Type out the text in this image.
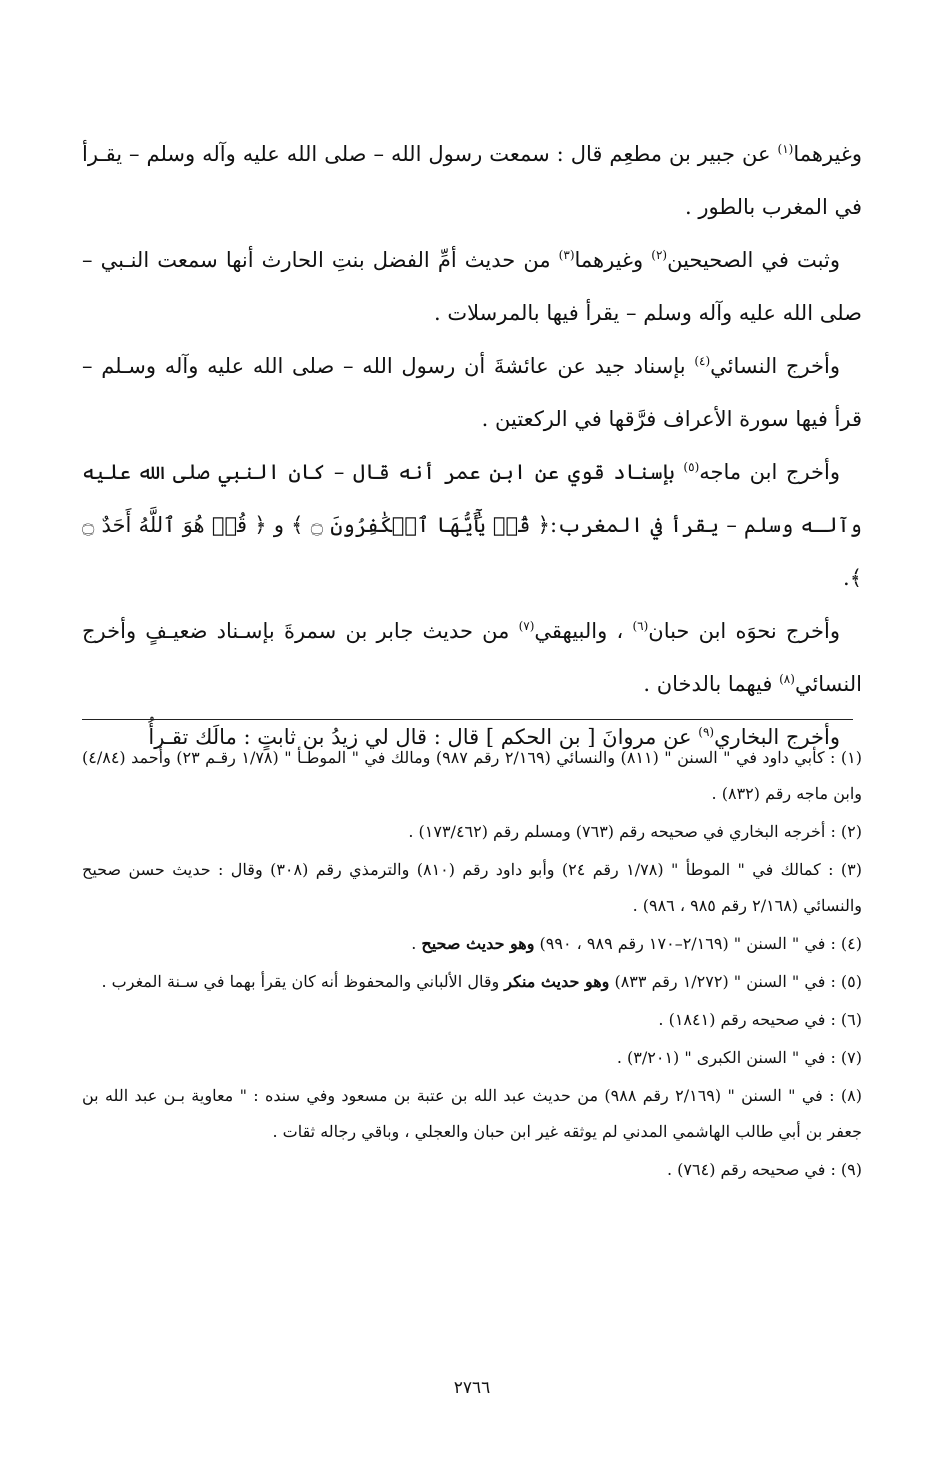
وغيرهما$^{(١)}$ عن جبير بن مطعِم قال : سمعت رسول الله – صلى الله عليه وآله وسلم – يقـرأ في المغرب بالطور .

وثبت في الصحيحين$^{(٢)}$ وغيرهما$^{(٣)}$ من حديث أمِّ الفضل بنتِ الحارث أنها سمعت النـبي – صلى الله عليه وآله وسلم – يقرأ فيها بالمرسلات .

وأخرج النسائي$^{(٤)}$ بإسناد جيد عن عائشةَ أن رسول الله – صلى الله عليه وآله وسـلم – قرأ فيها سورة الأعراف فرَّقها في الركعتين .

وأخرج ابن ماجه$^{(٥)}$ بإسناد قوي عن ابن عمر أنه قال – كان النبي صلى الله عليه وآلـه وسلم – يقرأ في المغرب:﴿ قُلۡ يَٰٓأَيُّهَا ٱلۡكَٰفِرُونَ ۝ ﴾ و ﴿ قُلۡ هُوَ ٱللَّهُ أَحَدٌ ۝ ﴾.

وأخرج نحوَه ابن حبان$^{(٦)}$ ، والبيهقي$^{(٧)}$ من حديث جابر بن سمرةَ بإسـناد ضعيـفٍ وأخرج النسائي$^{(٨)}$ فيهما بالدخان .

وأخرج البخاري$^{(٩)}$ عن مروانَ [ بن الحكم ] قال : قال لي زيدُ بن ثابتٍ : مالَك تقـرأُ

(١) : كأبي داود في " السنن " (٨١١) والنسائي (٢/١٦٩ رقم ٩٨٧) ومالك في " الموطـأ " (١/٧٨ رقـم ٢٣) وأحمد (٤/٨٤) وابن ماجه رقم (٨٣٢) .

(٢) : أخرجه البخاري في صحيحه رقم (٧٦٣) ومسلم رقم (١٧٣/٤٦٢) .

(٣) : كمالك في " الموطأ " (١/٧٨ رقم ٢٤) وأبو داود رقم (٨١٠) والترمذي رقم (٣٠٨) وقال : حديث حسن صحيح والنسائي (٢/١٦٨ رقم ٩٨٥ ، ٩٨٦) .

(٤) : في " السنن " (٢/١٦٩–١٧٠ رقم ٩٨٩ ، ٩٩٠) وهو حديث صحيح .

(٥) : في " السنن " (١/٢٧٢ رقم ٨٣٣) وهو حديث منكر وقال الألباني والمحفوظ أنه كان يقرأ بهما في سـنة المغرب .

(٦) : في صحيحه رقم (١٨٤١) .

(٧) : في " السنن الكبرى " (٣/٢٠١) .

(٨) : في " السنن " (٢/١٦٩ رقم ٩٨٨) من حديث عبد الله بن عتبة بن مسعود وفي سنده : " معاوية بـن عبد الله بن جعفر بن أبي طالب الهاشمي المدني لم يوثقه غير ابن حبان والعجلي ، وباقي رجاله ثقات .

(٩) : في صحيحه رقم (٧٦٤) .

٢٧٦٦
